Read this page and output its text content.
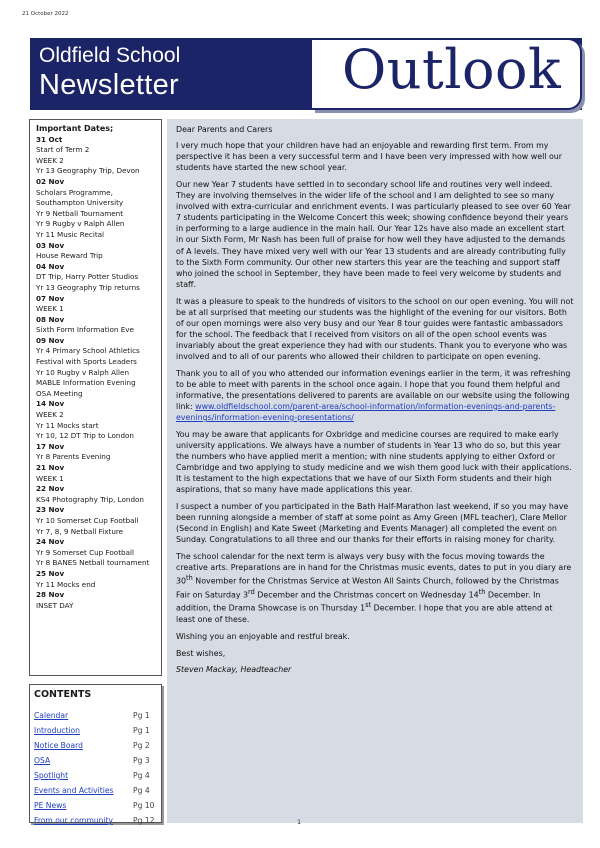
21 October 2022
Oldfield School
Newsletter	Outlook
Important Dates;
31 Oct
Start of Term 2
WEEK 2
Yr 13 Geography Trip, Devon
02 Nov
Scholars Programme, Southampton University
Yr 9 Netball Tournament
Yr 9 Rugby v Ralph Allen
Yr 11 Music Recital
03 Nov
House Reward Trip
04 Nov
DT Trip, Harry Potter Studios
Yr 13 Geography Trip returns
07 Nov
WEEK 1
08 Nov
Sixth Form Information Eve
09 Nov
Yr 4 Primary School Athletics Festival with Sports Leaders
Yr 10 Rugby v Ralph Allen
MABLE Information Evening
OSA Meeting
14 Nov
WEEK 2
Yr 11 Mocks start
Yr 10, 12 DT Trip to London
17 Nov
Yr 8 Parents Evening
21 Nov
WEEK 1
22 Nov
KS4 Photography Trip, London
23 Nov
Yr 10 Somerset Cup Football
Yr 7, 8, 9 Netball Fixture
24 Nov
Yr 9 Somerset Cup Football
Yr 8 BANES Netball tournament
25 Nov
Yr 11 Mocks end
28 Nov
INSET DAY
CONTENTS
Calendar	Pg 1
Introduction	Pg 1
Notice Board	Pg 2
OSA	Pg 3
Spotlight	Pg 4
Events and Activities	Pg 4
PE News	Pg 10
From our community	Pg 12

Dear Parents and Carers

I very much hope that your children have had an enjoyable and rewarding first term. From my perspective it has been a very successful term and I have been very impressed with how well our students have started the new school year.

Our new Year 7 students have settled in to secondary school life and routines very well indeed. They are involving themselves in the wider life of the school and I am delighted to see so many involved with extra-curricular and enrichment events. I was particularly pleased to see over 60 Year 7 students participating in the Welcome Concert this week; showing confidence beyond their years in performing to a large audience in the main hall. Our Year 12s have also made an excellent start in our Sixth Form, Mr Nash has been full of praise for how well they have adjusted to the demands of A levels. They have mixed very well with our Year 13 students and are already contributing fully to the Sixth Form community. Our other new starters this year are the teaching and support staff who joined the school in September, they have been made to feel very welcome by students and staff.

It was a pleasure to speak to the hundreds of visitors to the school on our open evening. You will not be at all surprised that meeting our students was the highlight of the evening for our visitors. Both of our open mornings were also very busy and our Year 8 tour guides were fantastic ambassadors for the school. The feedback that I received from visitors on all of the open school events was invariably about the great experience they had with our students. Thank you to everyone who was involved and to all of our parents who allowed their children to participate on open evening.

Thank you to all of you who attended our information evenings earlier in the term, it was refreshing to be able to meet with parents in the school once again. I hope that you found them helpful and informative, the presentations delivered to parents are available on our website using the following link: www.oldfieldschool.com/parent-area/school-information/information-evenings-and-parents-evenings/information-evening-presentations/

You may be aware that applicants for Oxbridge and medicine courses are required to make early university applications. We always have a number of students in Year 13 who do so, but this year the numbers who have applied merit a mention; with nine students applying to either Oxford or Cambridge and two applying to study medicine and we wish them good luck with their applications. It is testament to the high expectations that we have of our Sixth Form students and their high aspirations, that so many have made applications this year.

I suspect a number of you participated in the Bath Half-Marathon last weekend, if so you may have been running alongside a member of staff at some point as Amy Green (MFL teacher), Clare Mellor (Second in English) and Kate Sweet (Marketing and Events Manager) all completed the event on Sunday. Congratulations to all three and our thanks for their efforts in raising money for charity.

The school calendar for the next term is always very busy with the focus moving towards the creative arts. Preparations are in hand for the Christmas music events, dates to put in you diary are 30th November for the Christmas Service at Weston All Saints Church, followed by the Christmas Fair on Saturday 3rd December and the Christmas concert on Wednesday 14th December. In addition, the Drama Showcase is on Thursday 1st December. I hope that you are able attend at least one of these.

Wishing you an enjoyable and restful break.

Best wishes,

Steven Mackay, Headteacher

1
